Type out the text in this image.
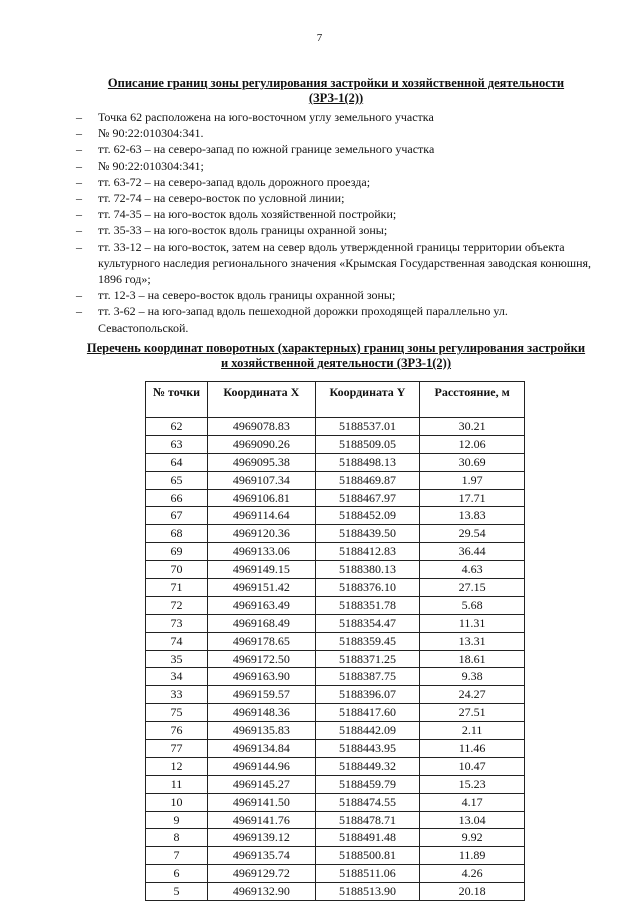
7
Описание границ зоны регулирования застройки и хозяйственной деятельности
(ЗРЗ-1(2))
– Точка 62 расположена на юго-восточном углу земельного участка
– № 90:22:010304:341.
– тт. 62-63 – на северо-запад по южной границе земельного участка
– № 90:22:010304:341;
– тт. 63-72 – на северо-запад вдоль дорожного проезда;
– тт. 72-74 – на северо-восток по условной линии;
– тт. 74-35 – на юго-восток вдоль хозяйственной постройки;
– тт. 35-33 – на юго-восток вдоль границы охранной зоны;
– тт. 33-12 – на юго-восток, затем на север вдоль утвержденной границы территории объекта культурного наследия регионального значения «Крымская Государственная заводская конюшня, 1896 год»;
– тт. 12-3 – на северо-восток вдоль границы охранной зоны;
– тт. 3-62 – на юго-запад вдоль пешеходной дорожки проходящей параллельно ул. Севастопольской.
Перечень координат поворотных (характерных) границ зоны регулирования застройки
и хозяйственной деятельности (ЗРЗ-1(2))
№ точки	Координата X	Координата Y	Расстояние, м
62	4969078.83	5188537.01	30.21
63	4969090.26	5188509.05	12.06
64	4969095.38	5188498.13	30.69
65	4969107.34	5188469.87	1.97
66	4969106.81	5188467.97	17.71
67	4969114.64	5188452.09	13.83
68	4969120.36	5188439.50	29.54
69	4969133.06	5188412.83	36.44
70	4969149.15	5188380.13	4.63
71	4969151.42	5188376.10	27.15
72	4969163.49	5188351.78	5.68
73	4969168.49	5188354.47	11.31
74	4969178.65	5188359.45	13.31
35	4969172.50	5188371.25	18.61
34	4969163.90	5188387.75	9.38
33	4969159.57	5188396.07	24.27
75	4969148.36	5188417.60	27.51
76	4969135.83	5188442.09	2.11
77	4969134.84	5188443.95	11.46
12	4969144.96	5188449.32	10.47
11	4969145.27	5188459.79	15.23
10	4969141.50	5188474.55	4.17
9	4969141.76	5188478.71	13.04
8	4969139.12	5188491.48	9.92
7	4969135.74	5188500.81	11.89
6	4969129.72	5188511.06	4.26
5	4969132.90	5188513.90	20.18
